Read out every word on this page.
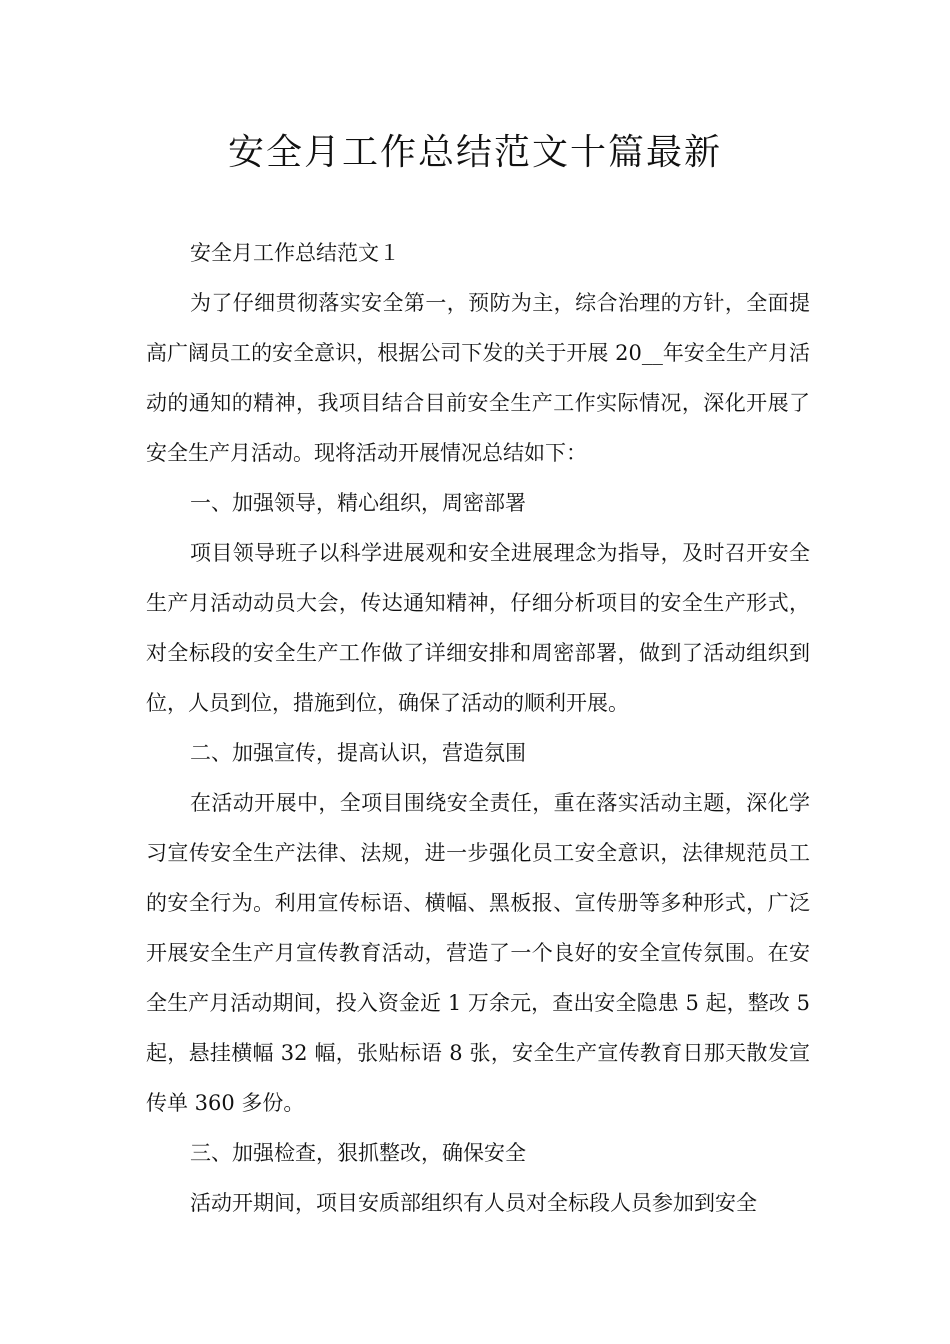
安全月工作总结范文十篇最新

安全月工作总结范文１

为了仔细贯彻落实安全第一，预防为主，综合治理的方针，全面提高广阔员工的安全意识，根据公司下发的关于开展 20__年安全生产月活动的通知的精神，我项目结合目前安全生产工作实际情况，深化开展了安全生产月活动。现将活动开展情况总结如下：

一、加强领导，精心组织，周密部署

项目领导班子以科学进展观和安全进展理念为指导，及时召开安全生产月活动动员大会，传达通知精神，仔细分析项目的安全生产形式，对全标段的安全生产工作做了详细安排和周密部署，做到了活动组织到位，人员到位，措施到位，确保了活动的顺利开展。

二、加强宣传，提高认识，营造氛围

在活动开展中，全项目围绕安全责任，重在落实活动主题，深化学习宣传安全生产法律、法规，进一步强化员工安全意识，法律规范员工的安全行为。利用宣传标语、横幅、黑板报、宣传册等多种形式，广泛开展安全生产月宣传教育活动，营造了一个良好的安全宣传氛围。在安全生产月活动期间，投入资金近 1 万余元，查出安全隐患 5 起，整改 5 起，悬挂横幅 32 幅，张贴标语 8 张，安全生产宣传教育日那天散发宣传单 360 多份。

三、加强检查，狠抓整改，确保安全

活动开期间，项目安质部组织有人员对全标段人员参加到安全
